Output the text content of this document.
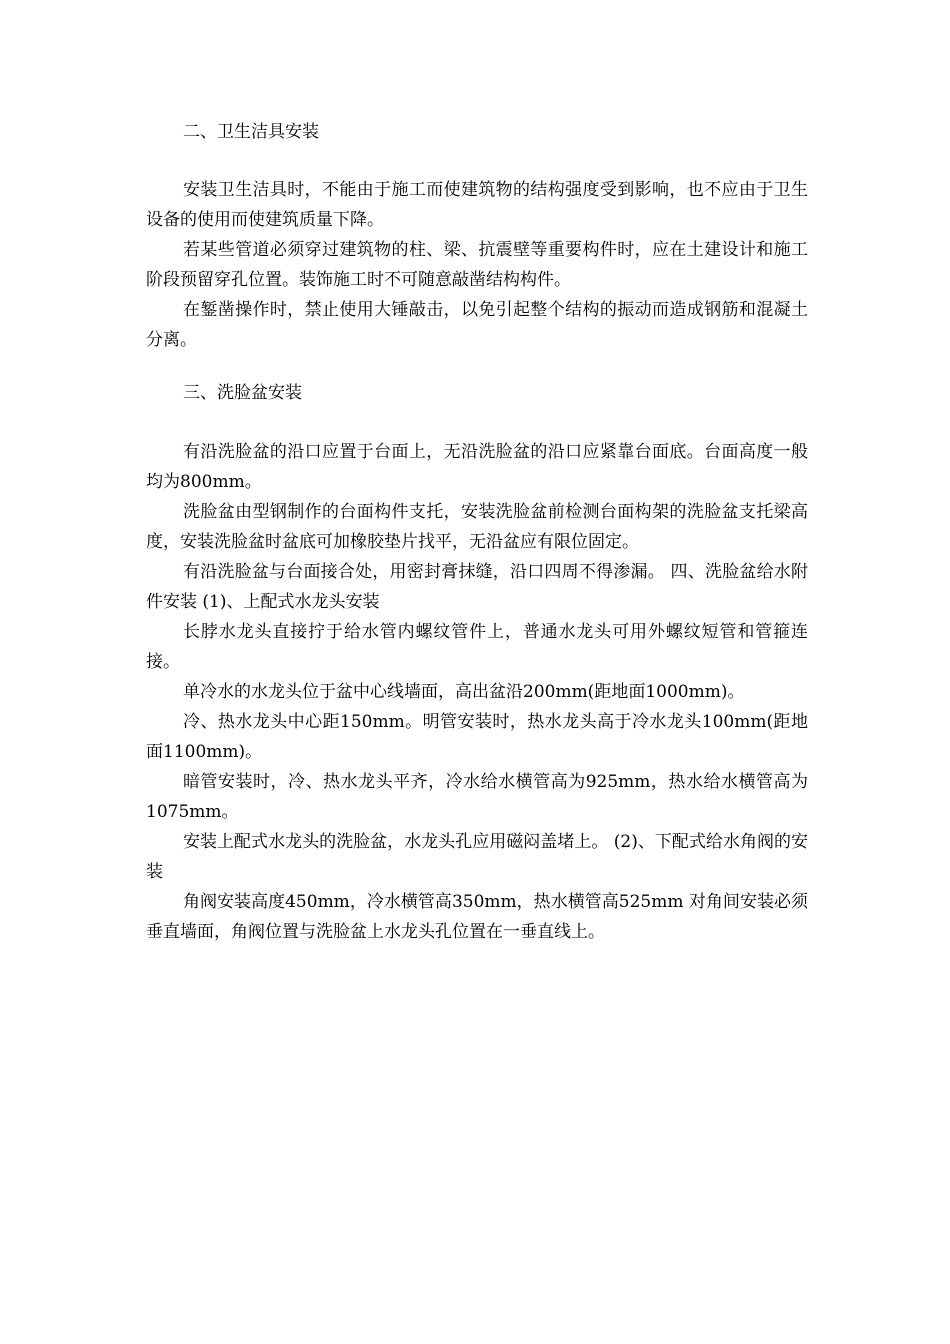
二、卫生洁具安装

安装卫生洁具时，不能由于施工而使建筑物的结构强度受到影响，也不应由于卫生设备的使用而使建筑质量下降。

若某些管道必须穿过建筑物的柱、梁、抗震壁等重要构件时，应在土建设计和施工阶段预留穿孔位置。装饰施工时不可随意敲凿结构构件。

在錾凿操作时，禁止使用大锤敲击，以免引起整个结构的振动而造成钢筋和混凝土分离。

三、洗脸盆安装

有沿洗脸盆的沿口应置于台面上，无沿洗脸盆的沿口应紧靠台面底。台面高度一般均为800mm。

洗脸盆由型钢制作的台面构件支托，安装洗脸盆前检测台面构架的洗脸盆支托梁高度，安装洗脸盆时盆底可加橡胶垫片找平，无沿盆应有限位固定。

有沿洗脸盆与台面接合处，用密封膏抹缝，沿口四周不得渗漏。 四、洗脸盆给水附件安装 (1)、上配式水龙头安装

长脖水龙头直接拧于给水管内螺纹管件上，普通水龙头可用外螺纹短管和管箍连接。

单冷水的水龙头位于盆中心线墙面，高出盆沿200mm(距地面1000mm)。

冷、热水龙头中心距150mm。明管安装时，热水龙头高于冷水龙头100mm(距地面1100mm)。

暗管安装时，冷、热水龙头平齐，冷水给水横管高为925mm，热水给水横管高为1075mm。

安装上配式水龙头的洗脸盆，水龙头孔应用磁闷盖堵上。 (2)、下配式给水角阀的安装

角阀安装高度450mm，冷水横管高350mm，热水横管高525mm 对角间安装必须垂直墙面，角阀位置与洗脸盆上水龙头孔位置在一垂直线上。
